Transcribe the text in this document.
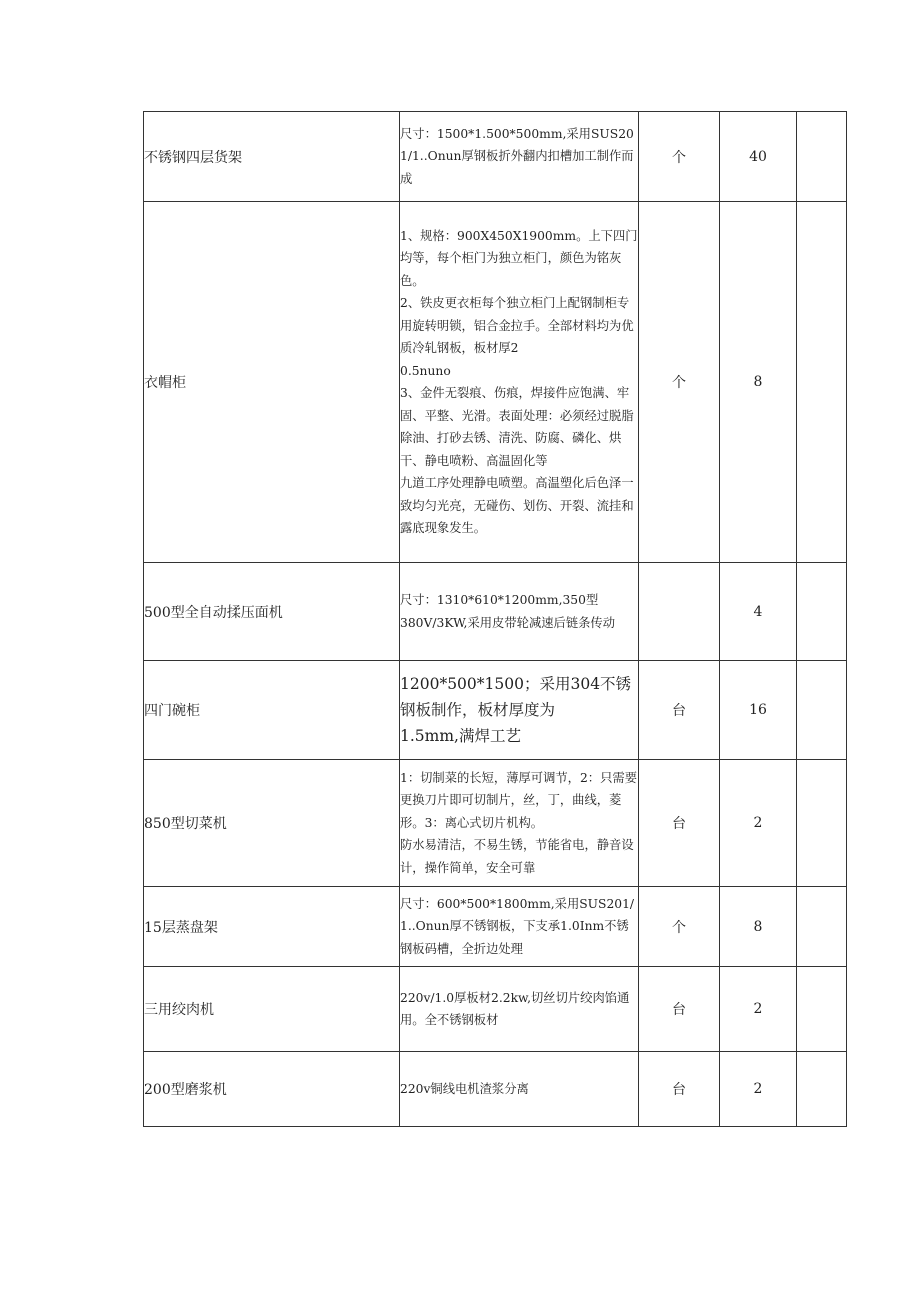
不锈钢四层货架	尺寸：1500*1.500*500mm,采用SUS201/1..Onun厚钢板折外翻内扣槽加工制作而成	个	40	
衣帽柜	1、规格：900X450X1900mm。上下四门均等，每个柜门为独立柜门，颜色为铭灰色。

2、铁皮更衣柜每个独立柜门上配钢制柜专用旋转明锁，铝合金拉手。全部材料均为优质冷轧钢板，板材厚2

0.5nuno

3、金件无裂痕、伤痕，焊接件应饱满、牢固、平整、光滑。表面处理：必须经过脱脂除油、打砂去锈、清洗、防腐、磷化、烘干、静电喷粉、高温固化等

九道工序处理静电喷塑。高温塑化后色泽一致均匀光亮，无碰伤、划伤、开裂、流挂和露底现象发生。	个	8	
500型全自动揉压面机	尺寸：1310*610*1200mm,350型

380V/3KW,采用皮带轮减速后链条传动		4	
四门碗柜	1200*500*1500；采用304不锈钢板制作，板材厚度为

1.5mm,满焊工艺	台	16	
850型切菜机	1：切制菜的长短，薄厚可调节，2：只需要更换刀片即可切制片，丝，丁，曲线，菱形。3：离心式切片机构。

防水易清洁，不易生锈，节能省电，静音设计，操作简单，安全可靠	台	2	
15层蒸盘架	尺寸：600*500*1800mm,采用SUS201/1..Onun厚不锈钢板，下支承1.0Inm不锈钢板码槽，全折边处理	个	8	
三用绞肉机	220v/1.0厚板材2.2kw,切丝切片绞肉馅通用。全不锈钢板材	台	2	
200型磨浆机	220v铜线电机渣浆分离	台	2	
